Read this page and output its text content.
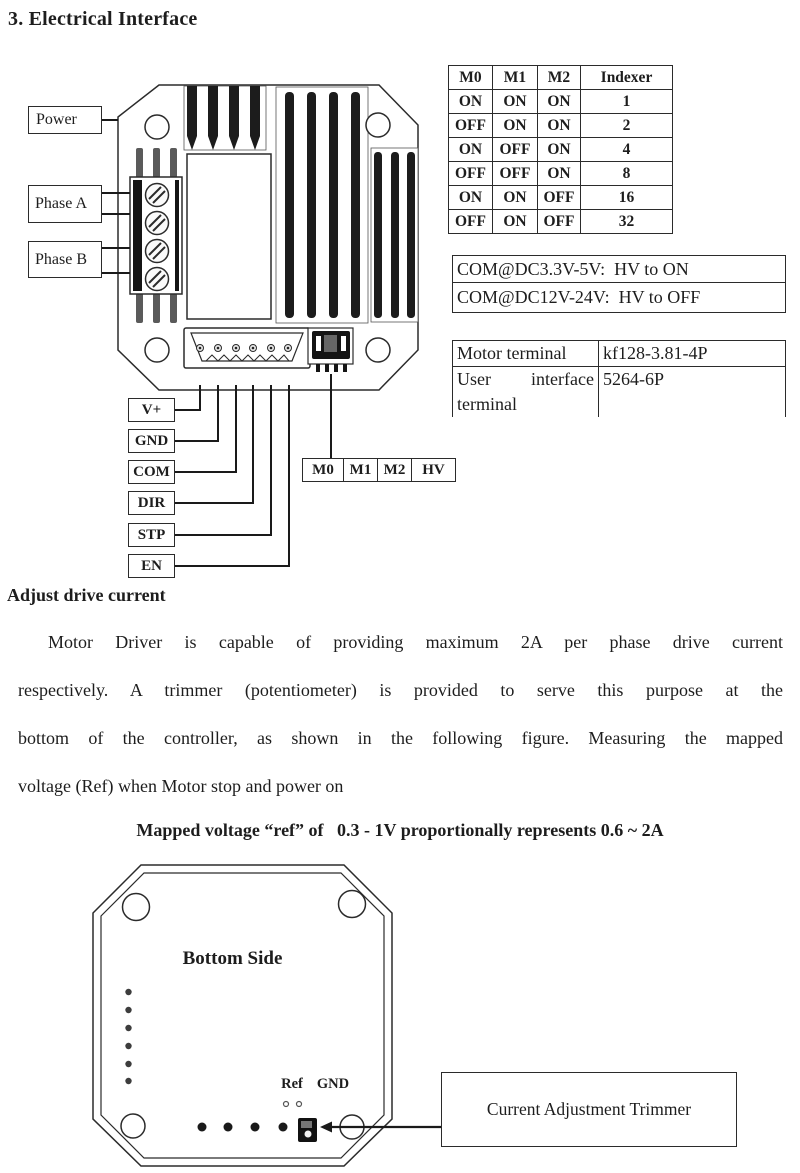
3. Electrical Interface
Power
Phase A
Phase B
V+
GND
COM
DIR
STP
EN
M0	M1 M2	HV
M0	M1	M2	Indexer
ON	ON	ON	1
OFF	ON	ON	2
ON	OFF	ON	4
OFF	OFF	ON	8
ON	ON	OFF	16
OFF	ON	OFF	32
COM@DC3.3V-5V:  HV to ON
COM@DC12V-24V:  HV to OFF
Motor terminal	kf128-3.81-4P
User interface terminal	5264-6P
Adjust drive current
Motor Driver is capable of providing maximum 2A per phase drive current
respectively. A trimmer (potentiometer) is provided to serve this purpose at the
bottom of the controller, as shown in the following figure. Measuring the mapped
voltage (Ref) when Motor stop and power on
Mapped voltage “ref” of   0.3 - 1V proportionally represents 0.6 ~ 2A
Bottom Side
Ref GND
Current Adjustment Trimmer
